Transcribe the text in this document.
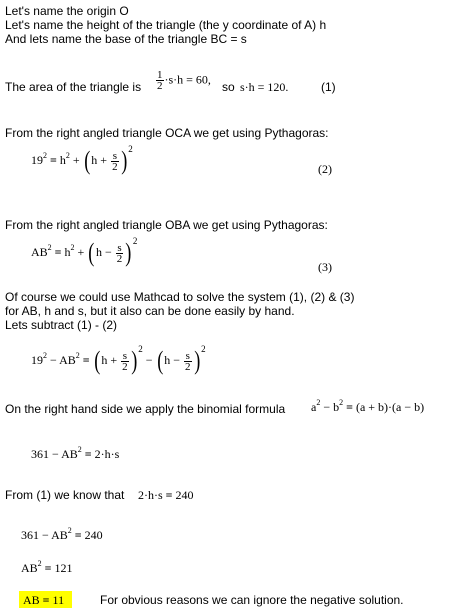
Let's name the origin O
Let's name the height of the triangle (the y coordinate of A) h
And lets name the base of the triangle BC = s
The area of the triangle is $\frac{1}{2} \cdot s\cdot h = 60$,
so s·h = 120.	(1)
From the right angled triangle OCA we get using Pythagoras:
$19^2 = h^2 + (h + \frac{s}{2} )2$
(2)
From the right angled triangle OBA we get using Pythagoras:
$AB^2 = h^2 + (h - \frac{s}{2} )2$
(3)
Of course we could use Mathcad to solve the system (1), (2) & (3)
for AB, h and s, but it also can be done easily by hand.
Lets subtract (1) - (2)
$19^2 - AB^2 = (h + \frac{s}{2} )2 - (h - \frac{s}{2} )2$
On the right hand side we apply the binomial formula $a^2 - b^2 = (a + b)\cdot(a - b)$
$361 - AB^2 = 2\cdot h\cdot s$
From (1) we know that 2·h·s = 240
$361 - AB^2 = 240$
$AB^2 = 121$
AB = 11	For obvious reasons we can ignore the negative solution.
